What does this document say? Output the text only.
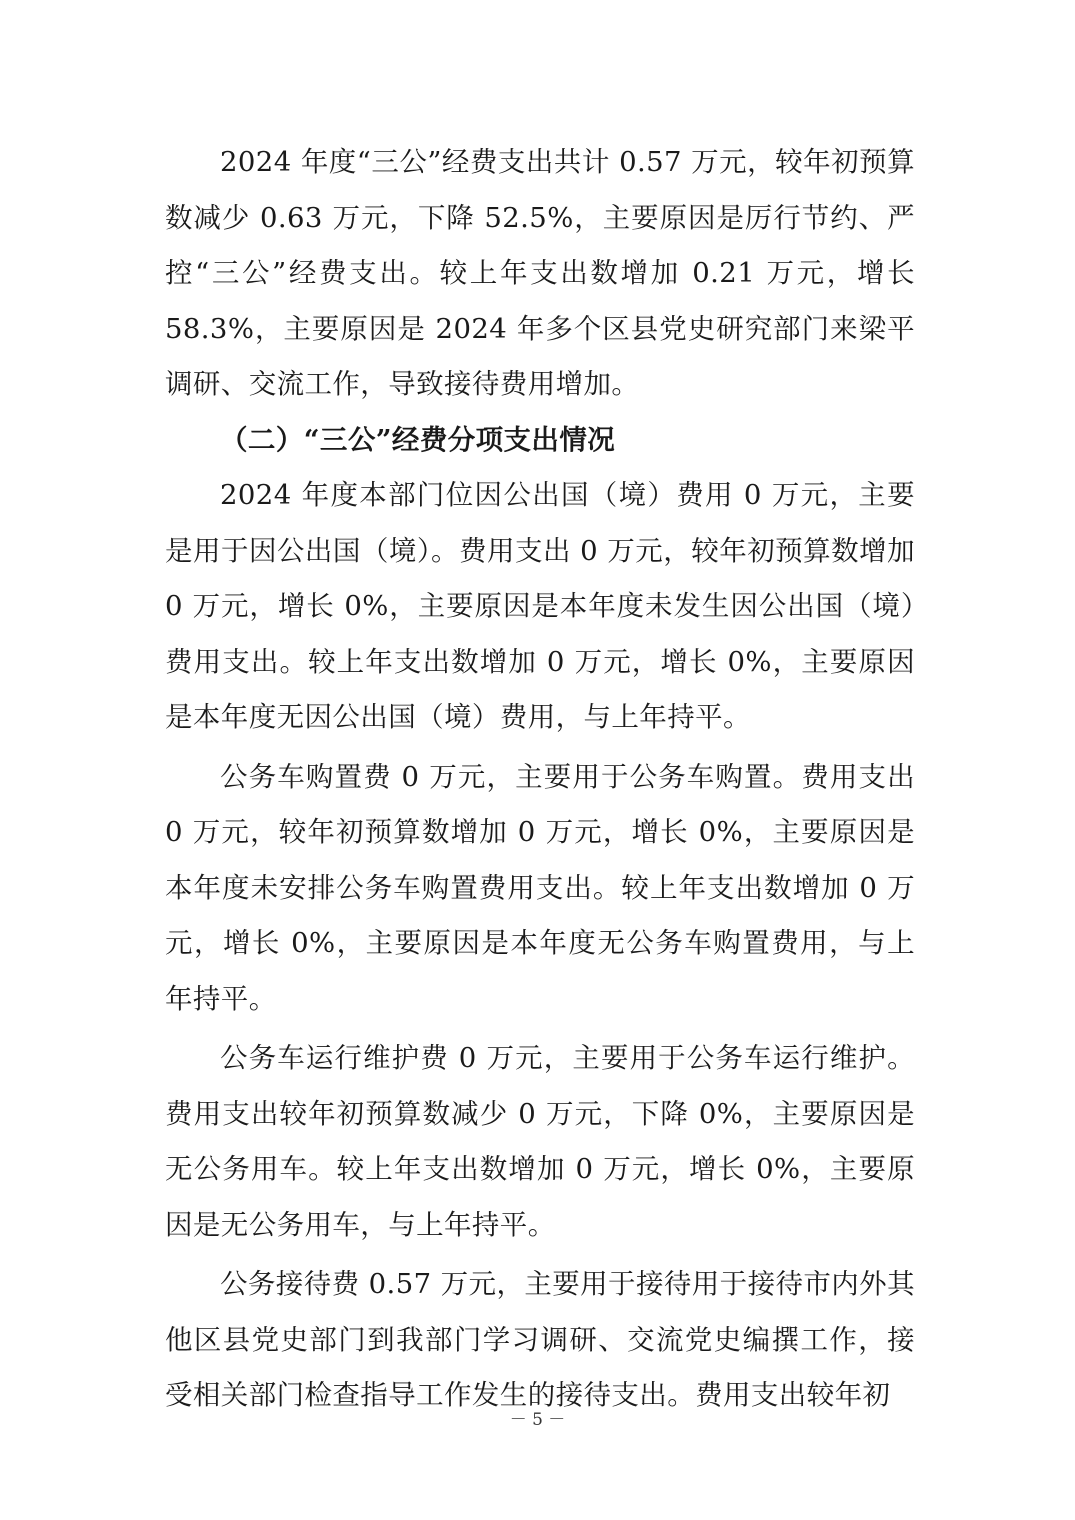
2024 年度“三公”经费支出共计 0.57 万元，较年初预算数减少 0.63 万元，下降 52.5%，主要原因是厉行节约、严控“三公”经费支出。较上年支出数增加 0.21 万元，增长 58.3%，主要原因是 2024 年多个区县党史研究部门来梁平调研、交流工作，导致接待费用增加。

（二）“三公”经费分项支出情况

2024 年度本部门位因公出国（境）费用 0 万元，主要是用于因公出国（境）。费用支出 0 万元，较年初预算数增加 0 万元，增长 0%，主要原因是本年度未发生因公出国（境）费用支出。较上年支出数增加 0 万元，增长 0%，主要原因是本年度无因公出国（境）费用，与上年持平。

公务车购置费 0 万元，主要用于公务车购置。费用支出 0 万元，较年初预算数增加 0 万元，增长 0%，主要原因是本年度未安排公务车购置费用支出。较上年支出数增加 0 万元，增长 0%，主要原因是本年度无公务车购置费用，与上年持平。

公务车运行维护费 0 万元，主要用于公务车运行维护。费用支出较年初预算数减少 0 万元，下降 0%，主要原因是无公务用车。较上年支出数增加 0 万元，增长 0%，主要原因是无公务用车，与上年持平。

公务接待费 0.57 万元，主要用于接待用于接待市内外其他区县党史部门到我部门学习调研、交流党史编撰工作，接受相关部门检查指导工作发生的接待支出。费用支出较年初

－ 5 －
